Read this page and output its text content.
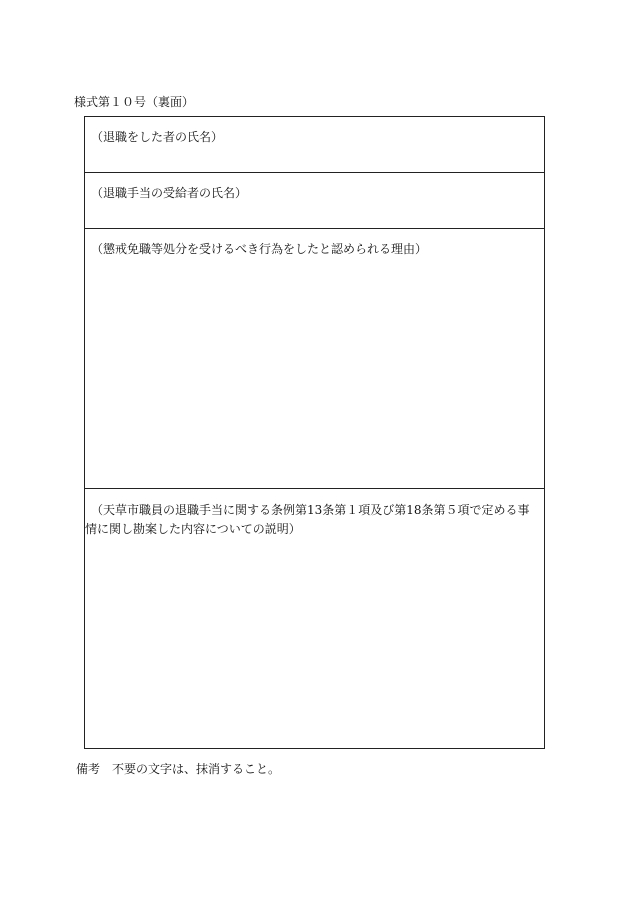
様式第１０号（裏面）

（退職をした者の氏名）

（退職手当の受給者の氏名）

（懲戒免職等処分を受けるべき行為をしたと認められる理由）

（天草市職員の退職手当に関する条例第13条第１項及び第18条第５項で定める事情に関し勘案した内容についての説明）

備考　不要の文字は、抹消すること。
